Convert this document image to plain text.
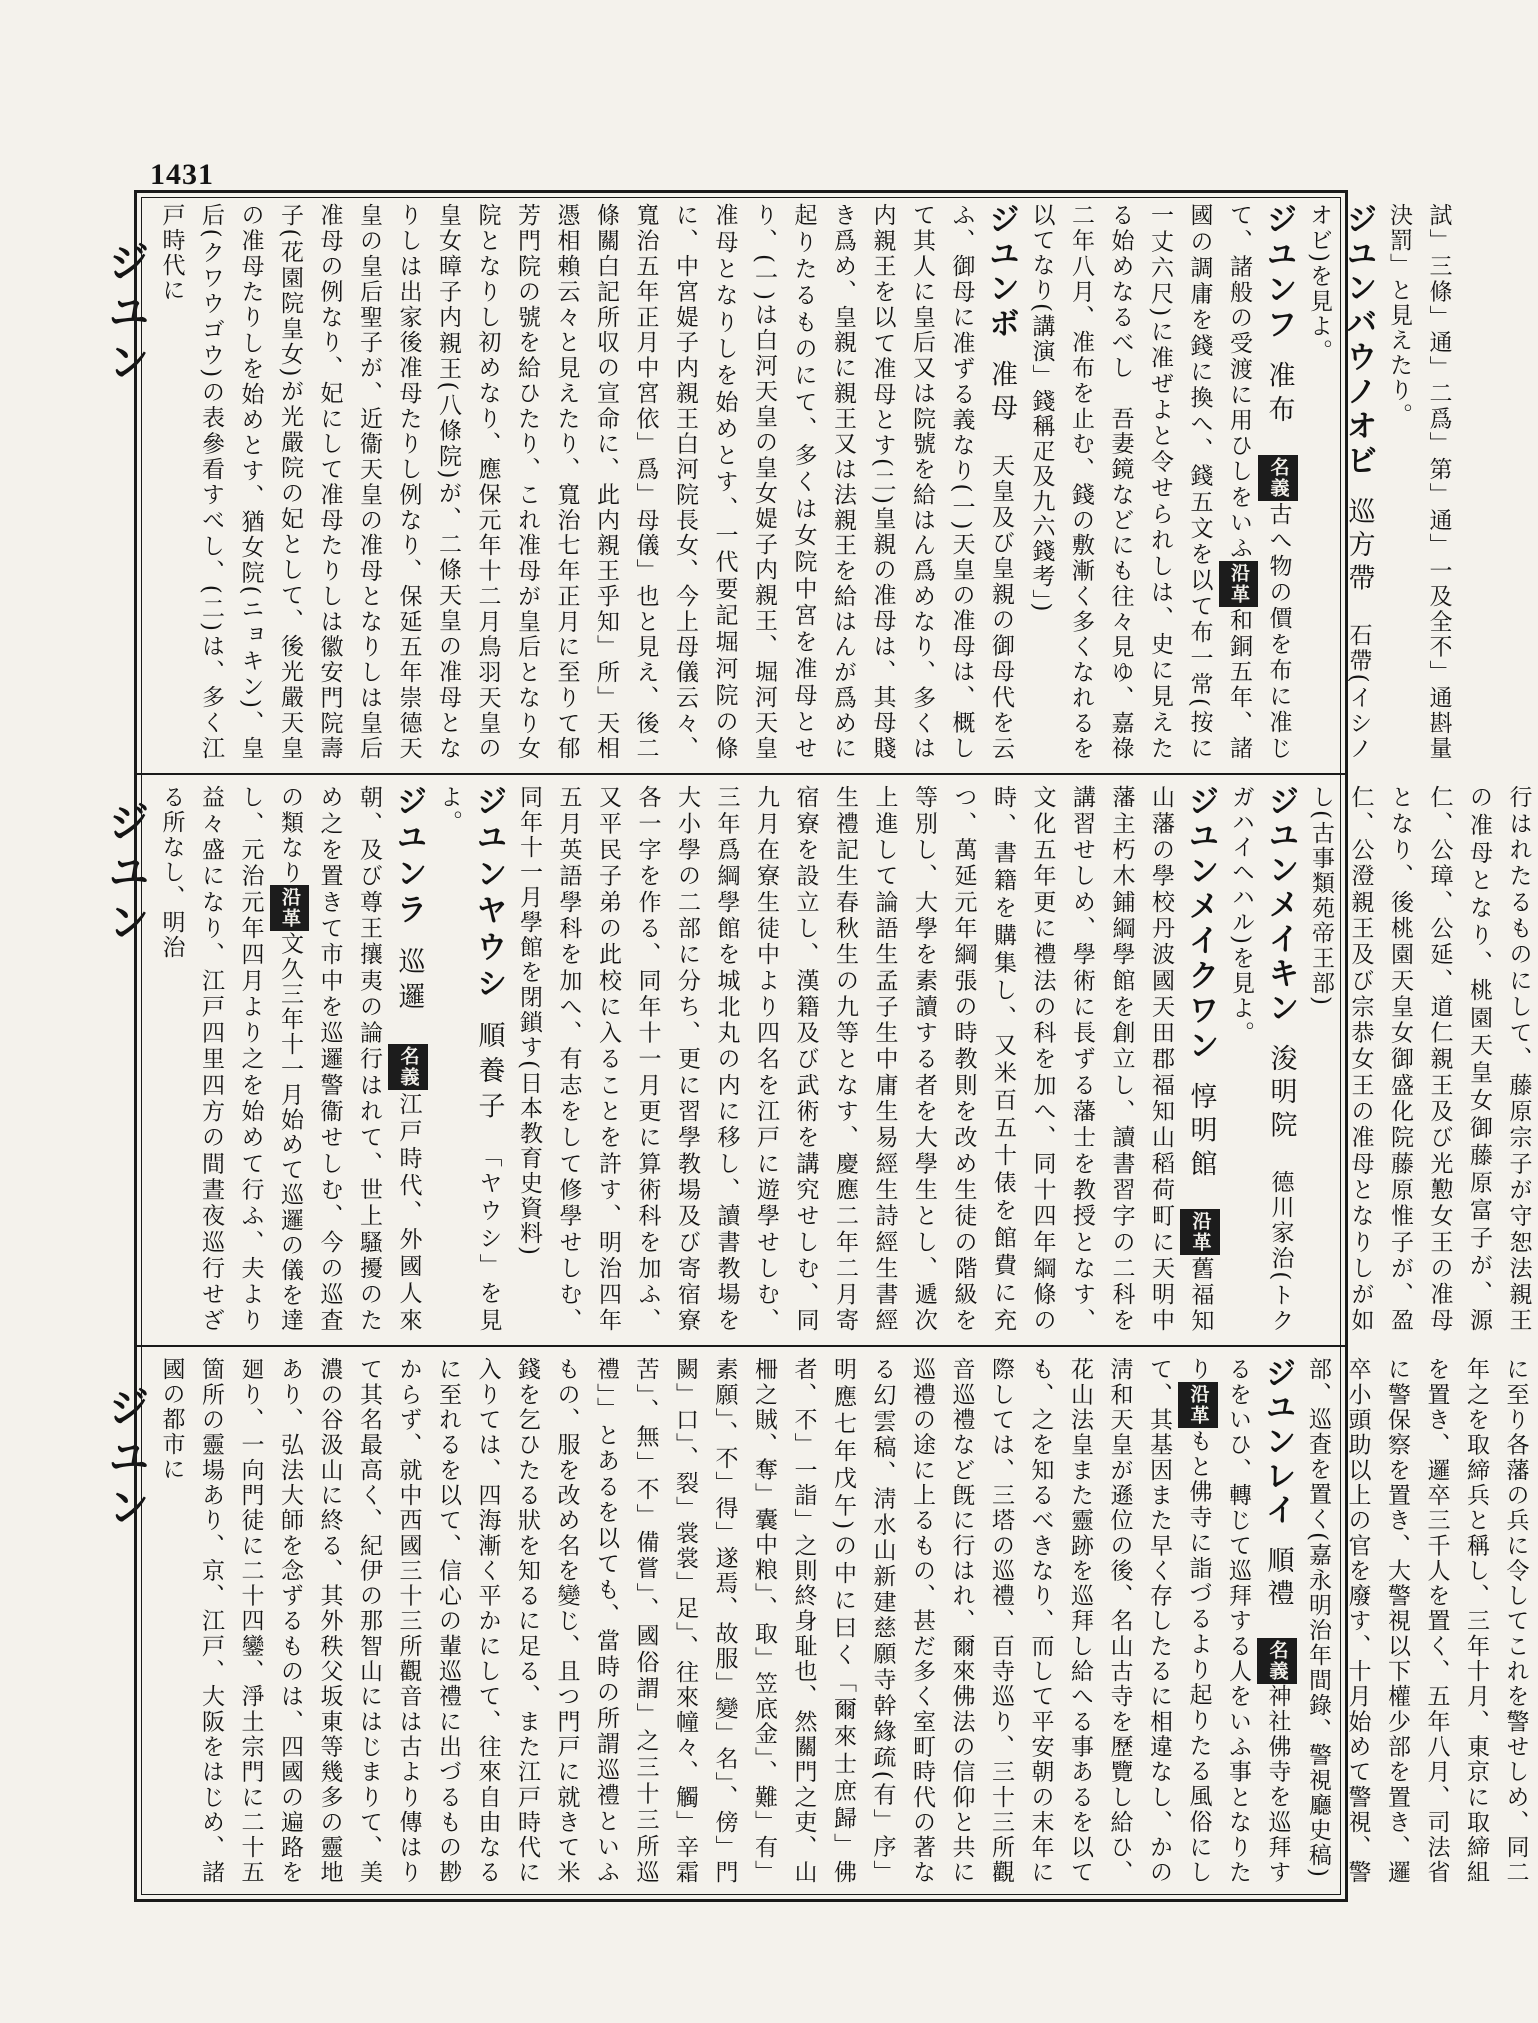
1431
ジユン
ジユン
ジユン

試」三條」通」二爲」第」通」一及全不」通斟量決罰」と見えたり。

ジユンバウノオビ巡方帶　石帶(イシノオビ)を見よ。

ジユンフ准布　名義古へ物の價を布に准じて、諸般の受渡に用ひしをいふ沿革和銅五年、諸國の調庸を錢に換へ、錢五文を以て布一常(按に一丈六尺)に准ぜよと令せられしは、史に見えたる始めなるべし　吾妻鏡などにも往々見ゆ、嘉祿二年八月、准布を止む、錢の敷漸く多くなれるを以てなり(講演」錢稱疋及九六錢考」)

ジユンボ准母　天皇及び皇親の御母代を云ふ、御母に准ずる義なり(一)天皇の准母は、概して其人に皇后又は院號を給はん爲めなり、多くは内親王を以て准母とす(二)皇親の准母は、其母賤き爲め、皇親に親王又は法親王を給はんが爲めに起りたるものにて、多くは女院中宮を准母とせり、(一)は白河天皇の皇女媞子内親王、堀河天皇准母となりしを始めとす、一代要記堀河院の條に、中宮媞子内親王白河院長女、今上母儀云々、寬治五年正月中宮依」爲」母儀」也と見え、後二條關白記所収の宣命に、此内親王乎知」所」天相憑相賴云々と見えたり、寬治七年正月に至りて郁芳門院の號を給ひたり、これ准母が皇后となり女院となりし初めなり、應保元年十二月鳥羽天皇の皇女暲子内親王(八條院)が、二條天皇の准母となりしは出家後准母たりし例なり、保延五年崇德天皇の皇后聖子が、近衞天皇の准母となりしは皇后准母の例なり、妃にして准母たりしは徽安門院壽子(花園院皇女)が光嚴院の妃として、後光嚴天皇の准母たりしを始めとす、猶女院(ニョキン)、皇后(クワウゴウ)の表參看すべし、(二)は、多く江戸時代に

行はれたるものにして、藤原宗子が守恕法親王の准母となり、桃園天皇女御藤原富子が、源仁、公璋、公延、道仁親王及び光懃女王の准母となり、後桃園天皇女御盛化院藤原惟子が、盈仁、公澄親王及び宗恭女王の准母となりしが如し(古事類苑帝王部)

ジユンメイキン浚明院　德川家治(トクガハイヘハル)を見よ。

ジユンメイクワン惇明館　沿革舊福知山藩の學校丹波國天田郡福知山稻荷町に天明中藩主朽木鋪綱學館を創立し、讀書習字の二科を講習せしめ、學術に長ずる藩士を教授となす、文化五年更に禮法の科を加へ、同十四年綱條の時、書籍を購集し、又米百五十俵を館費に充つ、萬延元年綱張の時教則を改め生徒の階級を等別し、大學を素讀する者を大學生とし、遞次上進して論語生孟子生中庸生易經生詩經生書經生禮記生春秋生の九等となす、慶應二年二月寄宿寮を設立し、漢籍及び武術を講究せしむ、同九月在寮生徒中より四名を江戸に遊學せしむ、三年爲綱學館を城北丸の内に移し、讀書教場を大小學の二部に分ち、更に習學教場及び寄宿寮各一字を作る、同年十一月更に算術科を加ふ、又平民子弟の此校に入ることを許す、明治四年五月英語學科を加へ、有志をして修學せしむ、同年十一月學館を閉鎖す(日本教育史資料)

ジユンヤウシ順養子　「ヤウシ」を見よ。

ジユンラ巡邏　名義江戸時代、外國人來朝、及び尊王攘夷の論行はれて、世上騷擾のため之を置きて市中を巡邏警衞せしむ、今の巡査の類なり沿革文久三年十一月始めて巡邏の儀を達し、元治元年四月より之を始めて行ふ、夫より益々盛になり、江戸四里四方の間晝夜巡行せざる所なし、明治

に至り各藩の兵に令してこれを警せしめ、同二年之を取締兵と稱し、三年十月、東京に取締組を置き、邏卒三千人を置く、五年八月、司法省に警保察を置き、大警視以下權少部を置き、邏卒小頭助以上の官を廢す、十月始めて警視、警部、巡査を置く(嘉永明治年間錄、警視廳史稿)

ジユンレイ順禮　名義神社佛寺を巡拜するをいひ、轉じて巡拜する人をいふ事となりたり沿革もと佛寺に詣づるより起りたる風俗にして、其基因また早く存したるに相違なし、かの淸和天皇が遜位の後、名山古寺を歷覽し給ひ、花山法皇また靈跡を巡拜し給へる事あるを以ても、之を知るべきなり、而して平安朝の末年に際しては、三塔の巡禮、百寺巡り、三十三所觀音巡禮など旣に行はれ、爾來佛法の信仰と共に巡禮の途に上るもの、甚だ多く室町時代の著なる幻雲稿、淸水山新建慈願寺幹緣疏(有」序」明應七年戊午)の中に曰く「爾來士庶歸」佛者、不」一詣」之則終身耻也、然關門之吏、山柵之賊、奪」囊中粮」、取」笠底金」、難」有」素願」、不」得」遂焉、故服」變」名」、傍」門闕」口」、裂」裳裳」足」、往來幢々、觸」辛霜苦」、無」不」備嘗」、國俗謂」之三十三所巡禮」」とあるを以ても、當時の所謂巡禮といふもの、服を改め名を變じ、且つ門戸に就きて米錢を乞ひたる狀を知るに足る、また江戸時代に入りては、四海漸く平かにして、往來自由なるに至れるを以て、信心の輩巡禮に出づるもの尠からず、就中西國三十三所觀音は古より傳はりて其名最高く、紀伊の那智山にはじまりて、美濃の谷汲山に終る、其外秩父坂東等幾多の靈地あり、弘法大師を念ずるものは、四國の遍路を廻り、一向門徒に二十四鑾、淨土宗門に二十五箇所の靈場あり、京、江戸、大阪をはじめ、諸國の都市に
